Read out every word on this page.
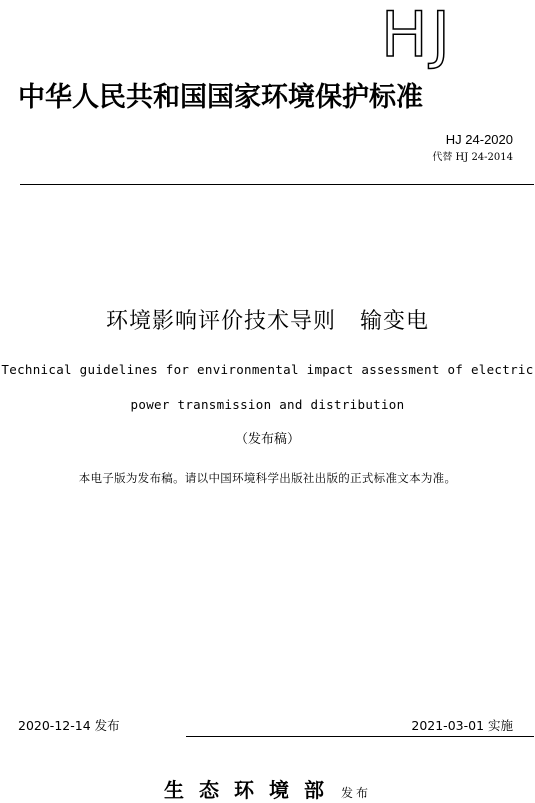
HJ
中华人民共和国国家环境保护标准
HJ 24-2020
代替 HJ 24-2014
环境影响评价技术导则   输变电
Technical guidelines for environmental impact assessment of electric
power transmission and distribution
（发布稿）
本电子版为发布稿。请以中国环境科学出版社出版的正式标准文本为准。
2020-12-14 发布	2021-03-01 实施
生态环境部 发布
